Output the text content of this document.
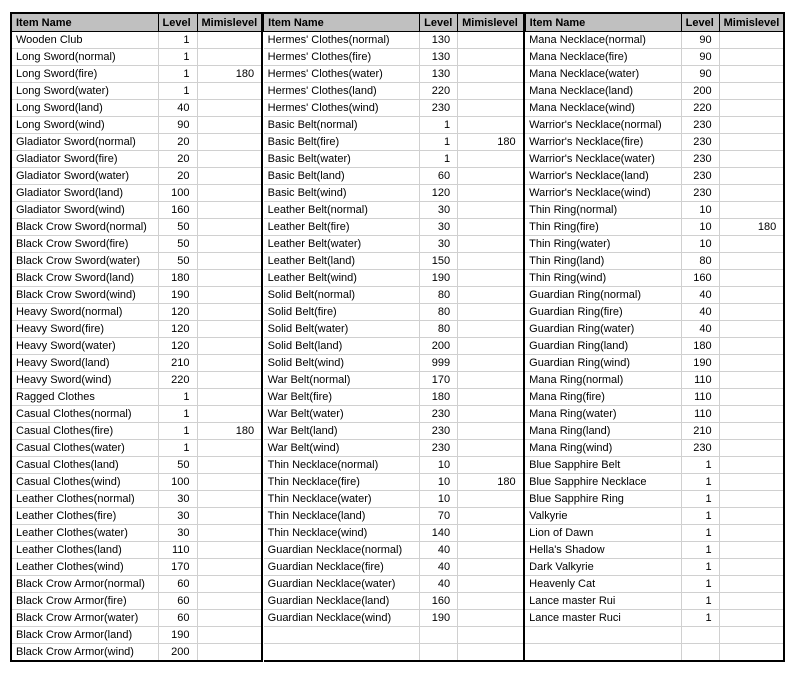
Item Name	Level	Mimislevel
Wooden Club	1	
Long Sword(normal)	1	
Long Sword(fire)	1	180
Long Sword(water)	1	
Long Sword(land)	40	
Long Sword(wind)	90	
Gladiator Sword(normal)	20	
Gladiator Sword(fire)	20	
Gladiator Sword(water)	20	
Gladiator Sword(land)	100	
Gladiator Sword(wind)	160	
Black Crow Sword(normal)	50	
Black Crow Sword(fire)	50	
Black Crow Sword(water)	50	
Black Crow Sword(land)	180	
Black Crow Sword(wind)	190	
Heavy Sword(normal)	120	
Heavy Sword(fire)	120	
Heavy Sword(water)	120	
Heavy Sword(land)	210	
Heavy Sword(wind)	220	
Ragged Clothes	1	
Casual Clothes(normal)	1	
Casual Clothes(fire)	1	180
Casual Clothes(water)	1	
Casual Clothes(land)	50	
Casual Clothes(wind)	100	
Leather Clothes(normal)	30	
Leather Clothes(fire)	30	
Leather Clothes(water)	30	
Leather Clothes(land)	110	
Leather Clothes(wind)	170	
Black Crow Armor(normal)	60	
Black Crow Armor(fire)	60	
Black Crow Armor(water)	60	
Black Crow Armor(land)	190	
Black Crow Armor(wind)	200	
Item Name	Level	Mimislevel
Hermes' Clothes(normal)	130	
Hermes' Clothes(fire)	130	
Hermes' Clothes(water)	130	
Hermes' Clothes(land)	220	
Hermes' Clothes(wind)	230	
Basic Belt(normal)	1	
Basic Belt(fire)	1	180
Basic Belt(water)	1	
Basic Belt(land)	60	
Basic Belt(wind)	120	
Leather Belt(normal)	30	
Leather Belt(fire)	30	
Leather Belt(water)	30	
Leather Belt(land)	150	
Leather Belt(wind)	190	
Solid Belt(normal)	80	
Solid Belt(fire)	80	
Solid Belt(water)	80	
Solid Belt(land)	200	
Solid Belt(wind)	999	
War Belt(normal)	170	
War Belt(fire)	180	
War Belt(water)	230	
War Belt(land)	230	
War Belt(wind)	230	
Thin Necklace(normal)	10	
Thin Necklace(fire)	10	180
Thin Necklace(water)	10	
Thin Necklace(land)	70	
Thin Necklace(wind)	140	
Guardian Necklace(normal)	40	
Guardian Necklace(fire)	40	
Guardian Necklace(water)	40	
Guardian Necklace(land)	160	
Guardian Necklace(wind)	190	

Item Name	Level	Mimislevel
Mana Necklace(normal)	90	
Mana Necklace(fire)	90	
Mana Necklace(water)	90	
Mana Necklace(land)	200	
Mana Necklace(wind)	220	
Warrior's Necklace(normal)	230	
Warrior's Necklace(fire)	230	
Warrior's Necklace(water)	230	
Warrior's Necklace(land)	230	
Warrior's Necklace(wind)	230	
Thin Ring(normal)	10	
Thin Ring(fire)	10	180
Thin Ring(water)	10	
Thin Ring(land)	80	
Thin Ring(wind)	160	
Guardian Ring(normal)	40	
Guardian Ring(fire)	40	
Guardian Ring(water)	40	
Guardian Ring(land)	180	
Guardian Ring(wind)	190	
Mana Ring(normal)	110	
Mana Ring(fire)	110	
Mana Ring(water)	110	
Mana Ring(land)	210	
Mana Ring(wind)	230	
Blue Sapphire Belt	1	
Blue Sapphire Necklace	1	
Blue Sapphire Ring	1	
Valkyrie	1	
Lion of Dawn	1	
Hella's Shadow	1	
Dark Valkyrie	1	
Heavenly Cat	1	
Lance master Rui	1	
Lance master Ruci	1	
